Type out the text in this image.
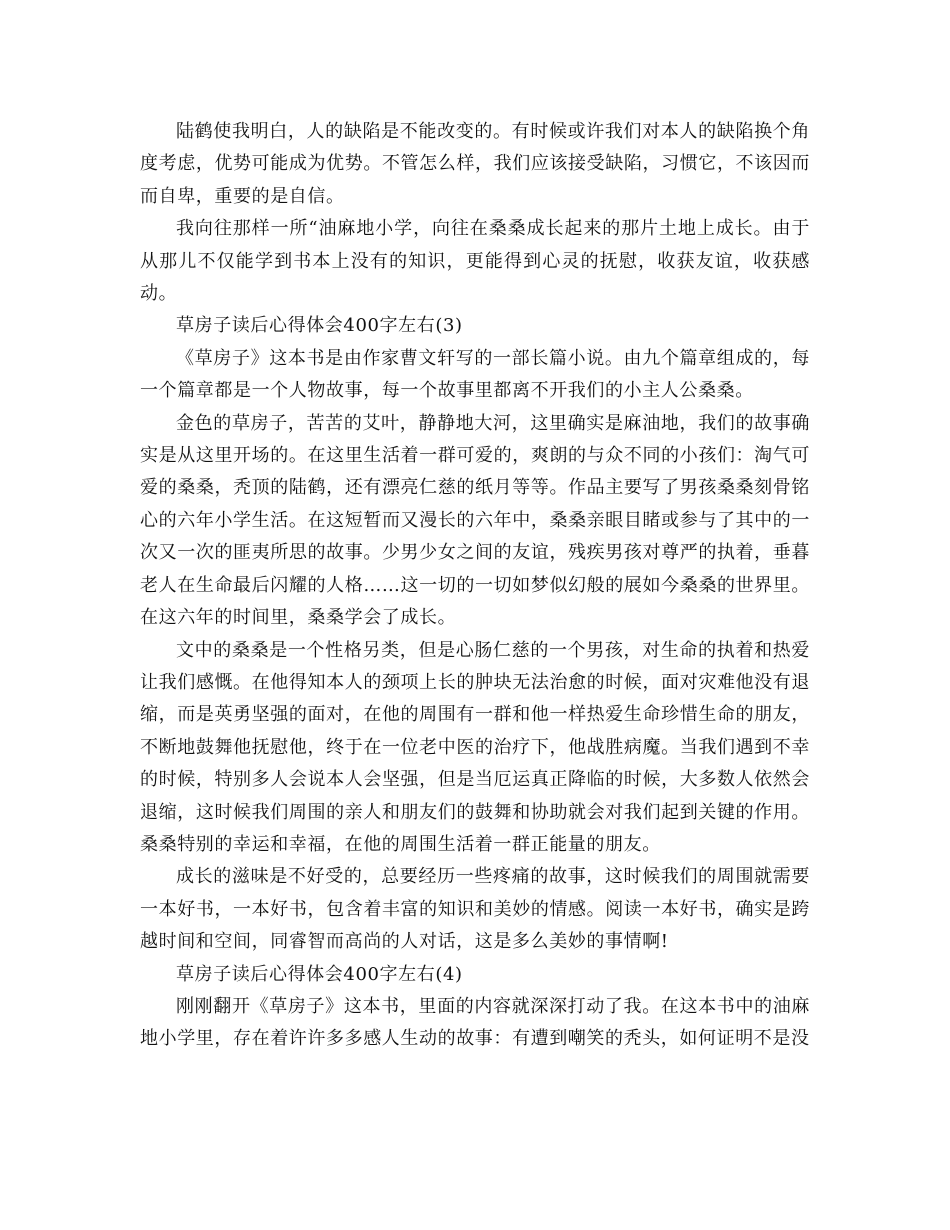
陆鹤使我明白，人的缺陷是不能改变的。有时候或许我们对本人的缺陷换个角度考虑，优势可能成为优势。不管怎么样，我们应该接受缺陷，习惯它，不该因而而自卑，重要的是自信。

我向往那样一所“油麻地小学，向往在桑桑成长起来的那片土地上成长。由于从那儿不仅能学到书本上没有的知识，更能得到心灵的抚慰，收获友谊，收获感动。

草房子读后心得体会400字左右(3)

《草房子》这本书是由作家曹文轩写的一部长篇小说。由九个篇章组成的，每一个篇章都是一个人物故事，每一个故事里都离不开我们的小主人公桑桑。

金色的草房子，苦苦的艾叶，静静地大河，这里确实是麻油地，我们的故事确实是从这里开场的。在这里生活着一群可爱的，爽朗的与众不同的小孩们：淘气可爱的桑桑，秃顶的陆鹤，还有漂亮仁慈的纸月等等。作品主要写了男孩桑桑刻骨铭心的六年小学生活。在这短暂而又漫长的六年中，桑桑亲眼目睹或参与了其中的一次又一次的匪夷所思的故事。少男少女之间的友谊，残疾男孩对尊严的执着，垂暮老人在生命最后闪耀的人格……这一切的一切如梦似幻般的展如今桑桑的世界里。在这六年的时间里，桑桑学会了成长。

文中的桑桑是一个性格另类，但是心肠仁慈的一个男孩，对生命的执着和热爱让我们感慨。在他得知本人的颈项上长的肿块无法治愈的时候，面对灾难他没有退缩，而是英勇坚强的面对，在他的周围有一群和他一样热爱生命珍惜生命的朋友，不断地鼓舞他抚慰他，终于在一位老中医的治疗下，他战胜病魔。当我们遇到不幸的时候，特别多人会说本人会坚强，但是当厄运真正降临的时候，大多数人依然会退缩，这时候我们周围的亲人和朋友们的鼓舞和协助就会对我们起到关键的作用。桑桑特别的幸运和幸福，在他的周围生活着一群正能量的朋友。

成长的滋味是不好受的，总要经历一些疼痛的故事，这时候我们的周围就需要一本好书，一本好书，包含着丰富的知识和美妙的情感。阅读一本好书，确实是跨越时间和空间，同睿智而高尚的人对话，这是多么美妙的事情啊!

草房子读后心得体会400字左右(4)

刚刚翻开《草房子》这本书，里面的内容就深深打动了我。在这本书中的油麻地小学里，存在着许许多多感人生动的故事：有遭到嘲笑的秃头，如何证明不是没
